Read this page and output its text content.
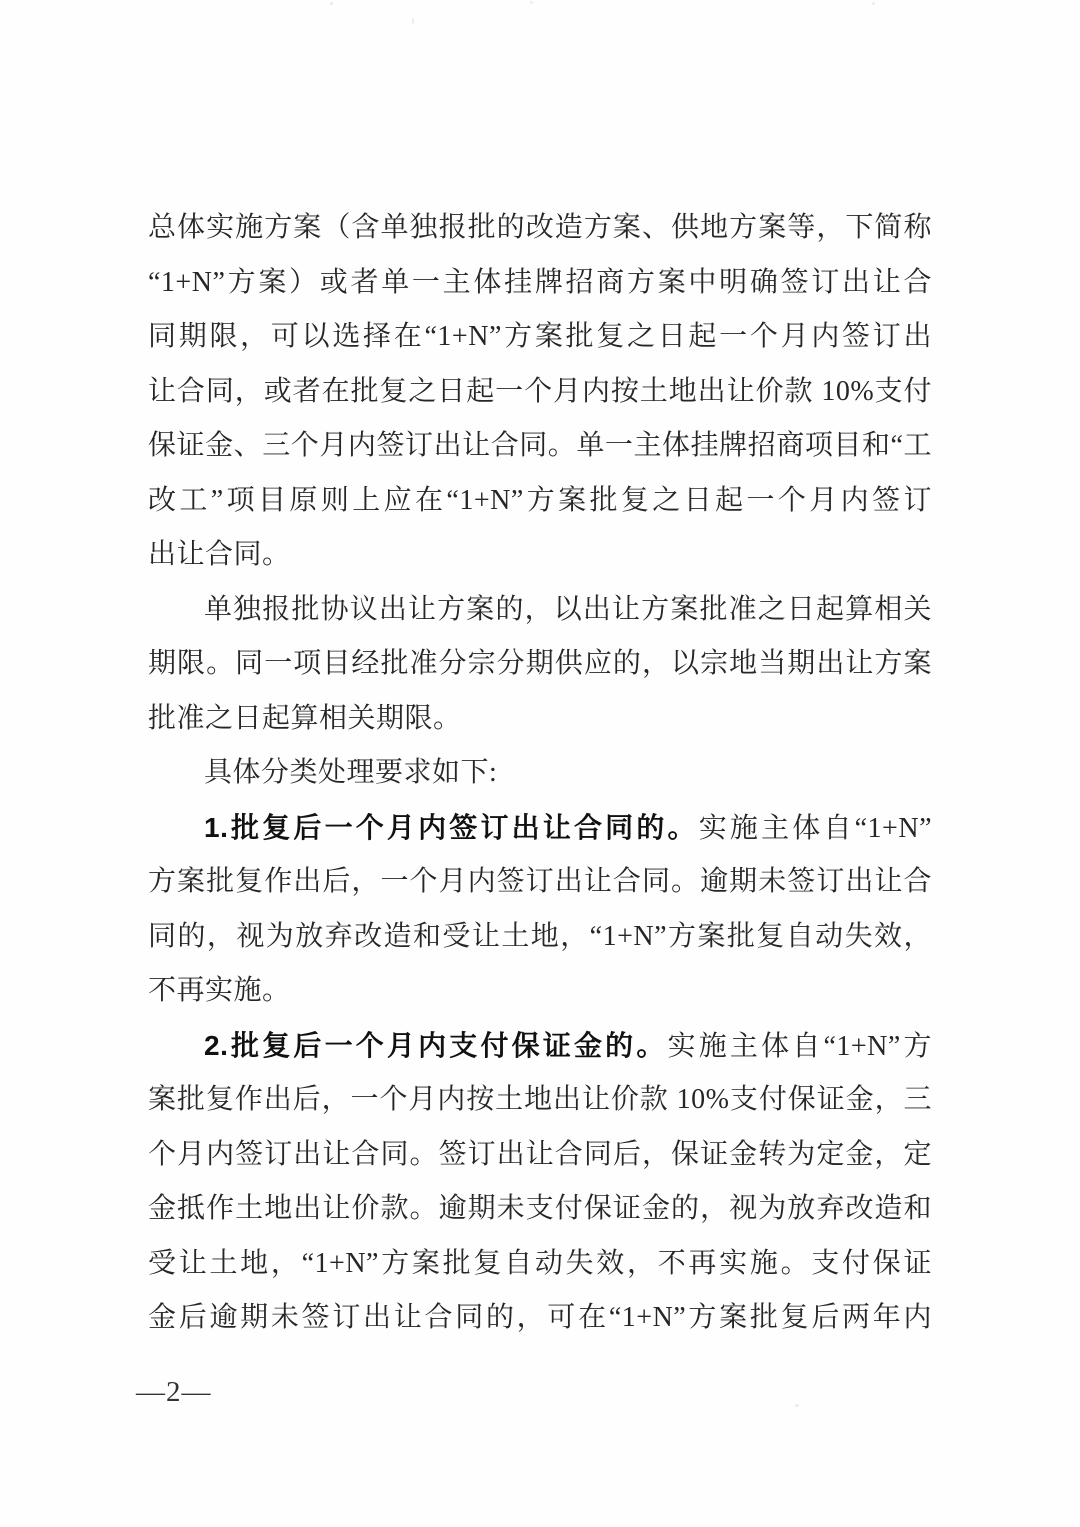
总体实施方案（含单独报批的改造方案、供地方案等，下简称
“1+N”方案）或者单一主体挂牌招商方案中明确签订出让合
同期限，可以选择在“1+N”方案批复之日起一个月内签订出
让合同，或者在批复之日起一个月内按土地出让价款 10%支付
保证金、三个月内签订出让合同。单一主体挂牌招商项目和“工
改工”项目原则上应在“1+N”方案批复之日起一个月内签订
出让合同。
单独报批协议出让方案的，以出让方案批准之日起算相关
期限。同一项目经批准分宗分期供应的，以宗地当期出让方案
批准之日起算相关期限。
具体分类处理要求如下:
1.批复后一个月内签订出让合同的。实施主体自“1+N”
方案批复作出后，一个月内签订出让合同。逾期未签订出让合
同的，视为放弃改造和受让土地，“1+N”方案批复自动失效，
不再实施。
2.批复后一个月内支付保证金的。实施主体自“1+N”方
案批复作出后，一个月内按土地出让价款 10%支付保证金，三
个月内签订出让合同。签订出让合同后，保证金转为定金，定
金抵作土地出让价款。逾期未支付保证金的，视为放弃改造和
受让土地，“1+N”方案批复自动失效，不再实施。支付保证
金后逾期未签订出让合同的，可在“1+N”方案批复后两年内
—2—
